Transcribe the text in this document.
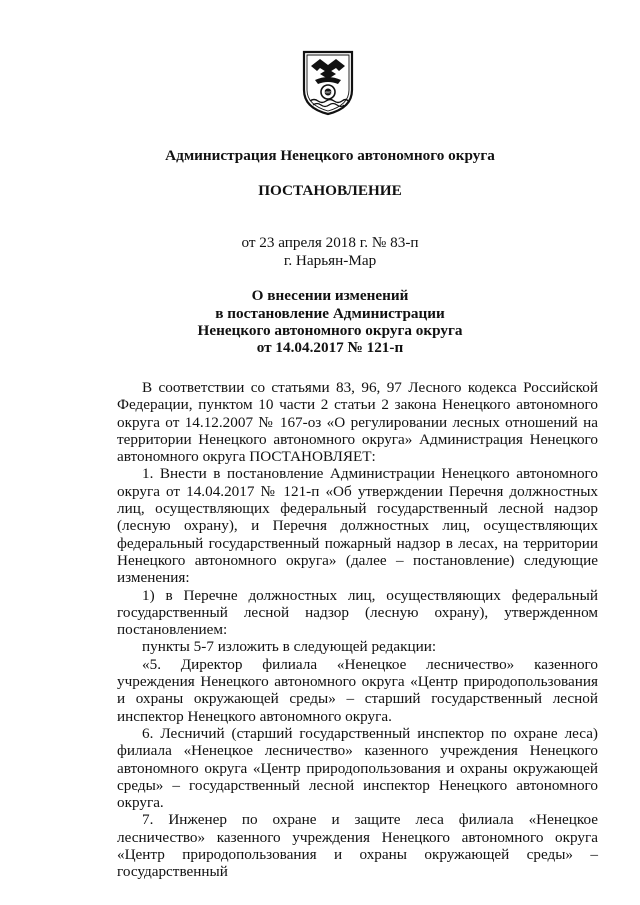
НАО
Администрация Ненецкого автономного округа
ПОСТАНОВЛЕНИЕ
от 23 апреля 2018 г. № 83-п
г. Нарьян-Мар
О внесении изменений
в постановление Администрации
Ненецкого автономного округа округа
от 14.04.2017 № 121-п

В соответствии со статьями 83, 96, 97 Лесного кодекса Российской Федерации, пунктом 10 части 2 статьи 2 закона Ненецкого автономного округа от 14.12.2007 № 167-оз «О регулировании лесных отношений на территории Ненецкого автономного округа» Администрация Ненецкого автономного округа ПОСТАНОВЛЯЕТ:

1. Внести в постановление Администрации Ненецкого автономного округа от 14.04.2017 № 121-п «Об утверждении Перечня должностных лиц, осуществляющих федеральный государственный лесной надзор (лесную охрану), и Перечня должностных лиц, осуществляющих федеральный государственный пожарный надзор в лесах, на территории Ненецкого автономного округа» (далее – постановление) следующие изменения:

1) в Перечне должностных лиц, осуществляющих федеральный государственный лесной надзор (лесную охрану), утвержденном постановлением:

пункты 5-7 изложить в следующей редакции:

«5. Директор филиала «Ненецкое лесничество» казенного учреждения Ненецкого автономного округа «Центр природопользования и охраны окружающей среды» – старший государственный лесной инспектор Ненецкого автономного округа.

6. Лесничий (старший государственный инспектор по охране леса) филиала «Ненецкое лесничество» казенного учреждения Ненецкого автономного округа «Центр природопользования и охраны окружающей среды» – государственный лесной инспектор Ненецкого автономного округа.

7. Инженер по охране и защите леса филиала «Ненецкое лесничество» казенного учреждения Ненецкого автономного округа «Центр природопользования и охраны окружающей среды» – государственный
